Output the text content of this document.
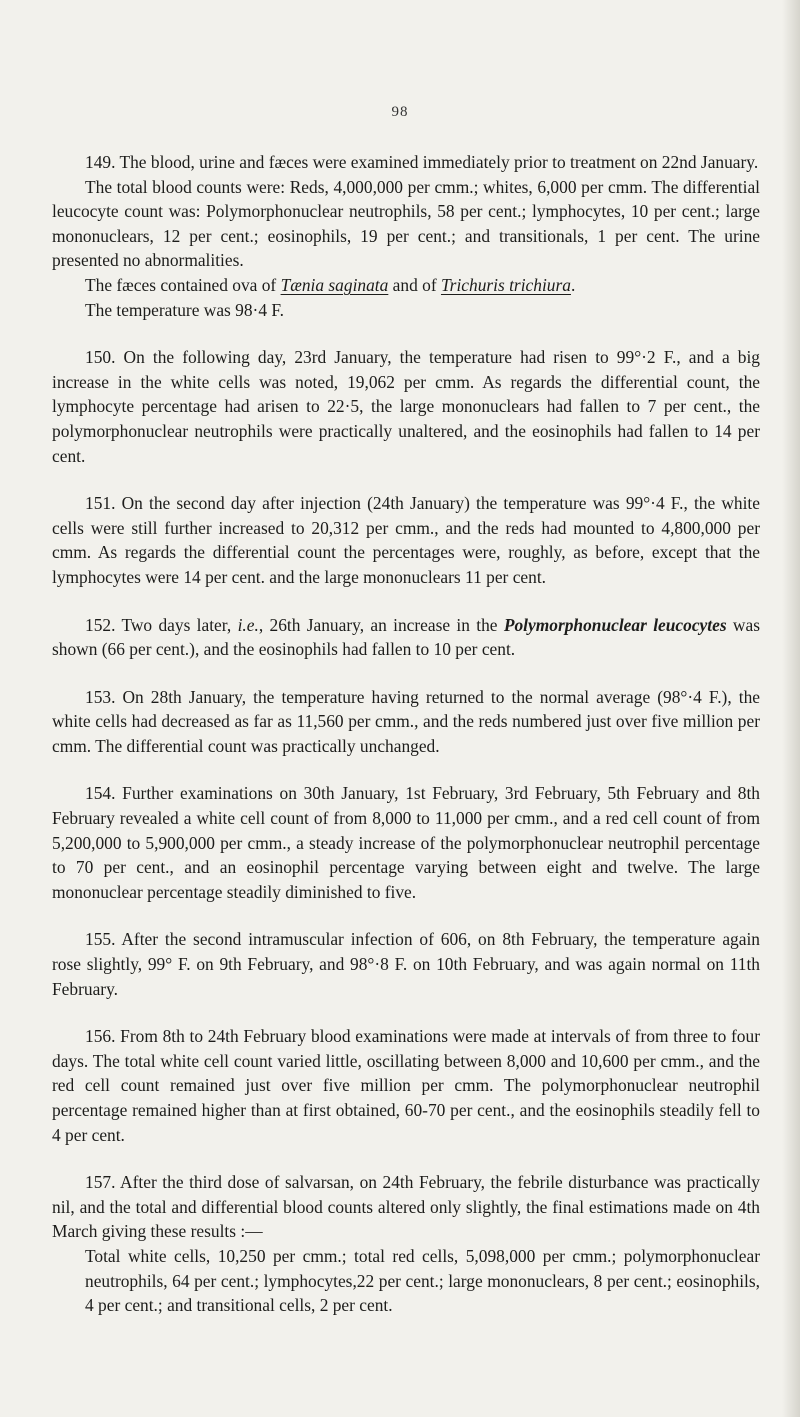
98

149. The blood, urine and fæces were examined immediately prior to treatment on 22nd January.

The total blood counts were: Reds, 4,000,000 per cmm.; whites, 6,000 per cmm. The differential leucocyte count was: Polymorphonuclear neutrophils, 58 per cent.; lymphocytes, 10 per cent.; large mononuclears, 12 per cent.; eosinophils, 19 per cent.; and transitionals, 1 per cent. The urine presented no abnormalities.

The fæces contained ova of Tænia saginata and of Trichuris trichiura.

The temperature was 98·4 F.

150. On the following day, 23rd January, the temperature had risen to 99°·2 F., and a big increase in the white cells was noted, 19,062 per cmm. As regards the differential count, the lymphocyte percentage had arisen to 22·5, the large mononuclears had fallen to 7 per cent., the polymorphonuclear neutrophils were practically unaltered, and the eosinophils had fallen to 14 per cent.

151. On the second day after injection (24th January) the temperature was 99°·4 F., the white cells were still further increased to 20,312 per cmm., and the reds had mounted to 4,800,000 per cmm. As regards the differential count the percentages were, roughly, as before, except that the lymphocytes were 14 per cent. and the large mononuclears 11 per cent.

152. Two days later, i.e., 26th January, an increase in the Polymorphonuclear leucocytes was shown (66 per cent.), and the eosinophils had fallen to 10 per cent.

153. On 28th January, the temperature having returned to the normal average (98°·4 F.), the white cells had decreased as far as 11,560 per cmm., and the reds numbered just over five million per cmm. The differential count was practically unchanged.

154. Further examinations on 30th January, 1st February, 3rd February, 5th February and 8th February revealed a white cell count of from 8,000 to 11,000 per cmm., and a red cell count of from 5,200,000 to 5,900,000 per cmm., a steady increase of the polymorphonuclear neutrophil percentage to 70 per cent., and an eosinophil percentage varying between eight and twelve. The large mononuclear percentage steadily diminished to five.

155. After the second intramuscular infection of 606, on 8th February, the temperature again rose slightly, 99° F. on 9th February, and 98°·8 F. on 10th February, and was again normal on 11th February.

156. From 8th to 24th February blood examinations were made at intervals of from three to four days. The total white cell count varied little, oscillating between 8,000 and 10,600 per cmm., and the red cell count remained just over five million per cmm. The polymorphonuclear neutrophil percentage remained higher than at first obtained, 60-70 per cent., and the eosinophils steadily fell to 4 per cent.

157. After the third dose of salvarsan, on 24th February, the febrile disturbance was practically nil, and the total and differential blood counts altered only slightly, the final estimations made on 4th March giving these results :—

Total white cells, 10,250 per cmm.; total red cells, 5,098,000 per cmm.; polymorphonuclear neutrophils, 64 per cent.; lymphocytes,22 per cent.; large mononuclears, 8 per cent.; eosinophils, 4 per cent.; and transitional cells, 2 per cent.
